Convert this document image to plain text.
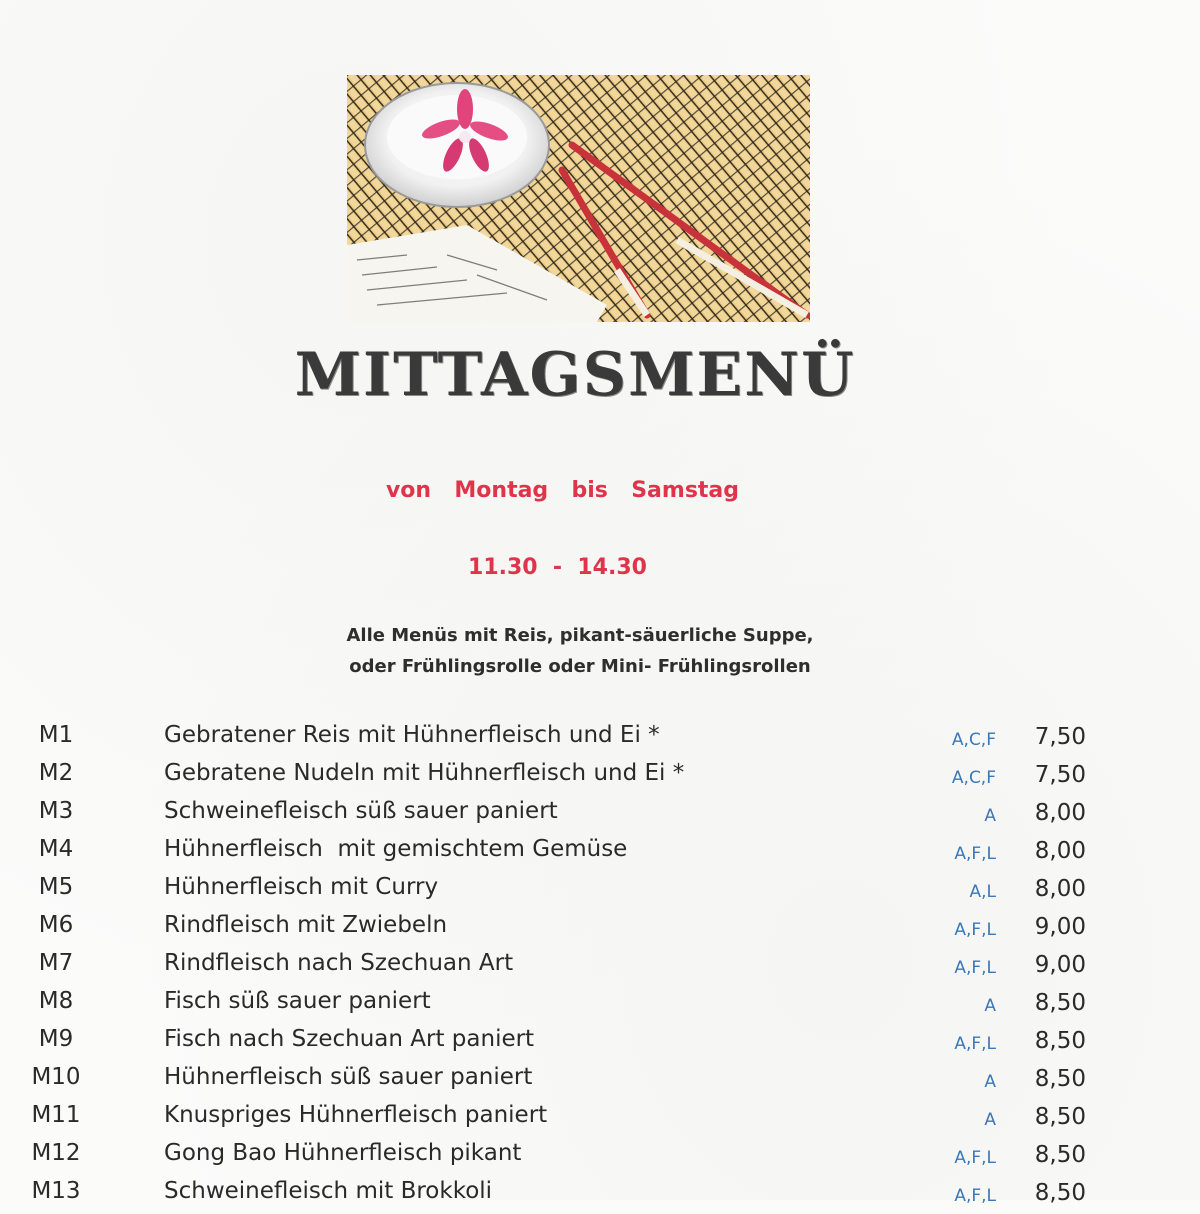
MITTAGSMENÜ
von  Montag  bis  Samstag
11.30  -  14.30
Alle Menüs mit Reis, pikant-säuerliche Suppe,
oder Frühlingsrolle oder Mini- Frühlingsrollen
M1	Gebratener Reis mit Hühnerfleisch und Ei *	A,C,F 7,50
M2	Gebratene Nudeln mit Hühnerfleisch und Ei *	A,C,F 7,50
M3	Schweinefleisch süß sauer paniert	A 8,00
M4	Hühnerfleisch  mit gemischtem Gemüse	A,F,L 8,00
M5	Hühnerfleisch mit Curry	A,L 8,00
M6	Rindfleisch mit Zwiebeln	A,F,L 9,00
M7	Rindfleisch nach Szechuan Art	A,F,L 9,00
M8	Fisch süß sauer paniert	A 8,50
M9	Fisch nach Szechuan Art paniert	A,F,L 8,50
M10	Hühnerfleisch süß sauer paniert	A 8,50
M11	Knuspriges Hühnerfleisch paniert	A 8,50
M12	Gong Bao Hühnerfleisch pikant	A,F,L 8,50
M13	Schweinefleisch mit Brokkoli	A,F,L 8,50
